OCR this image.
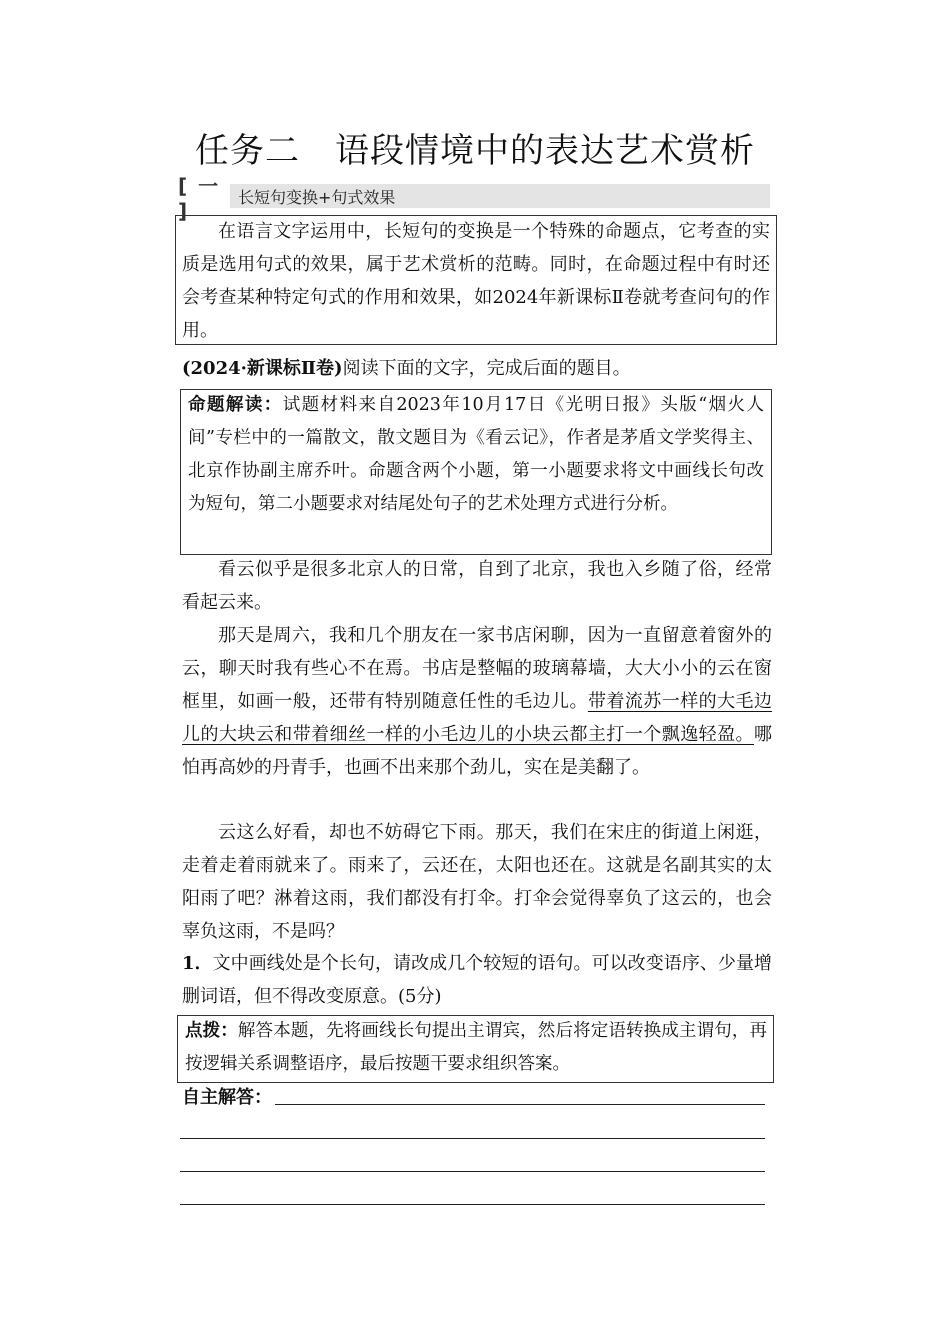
任务二　语段情境中的表达艺术赏析
[ 一 ]
长短句变换+句式效果

在语言文字运用中，长短句的变换是一个特殊的命题点，它考查的实质是选用句式的效果，属于艺术赏析的范畴。同时，在命题过程中有时还会考查某种特定句式的作用和效果，如2024年新课标Ⅱ卷就考查问句的作用。

(2024·新课标Ⅱ卷)阅读下面的文字，完成后面的题目。

命题解读：试题材料来自2023年10月17日《光明日报》头版“烟火人间”专栏中的一篇散文，散文题目为《看云记》，作者是茅盾文学奖得主、北京作协副主席乔叶。命题含两个小题，第一小题要求将文中画线长句改为短句，第二小题要求对结尾处句子的艺术处理方式进行分析。

看云似乎是很多北京人的日常，自到了北京，我也入乡随了俗，经常看起云来。

那天是周六，我和几个朋友在一家书店闲聊，因为一直留意着窗外的云，聊天时我有些心不在焉。书店是整幅的玻璃幕墙，大大小小的云在窗框里，如画一般，还带有特别随意任性的毛边儿。带着流苏一样的大毛边儿的大块云和带着细丝一样的小毛边儿的小块云都主打一个飘逸轻盈。哪怕再高妙的丹青手，也画不出来那个劲儿，实在是美翻了。

云这么好看，却也不妨碍它下雨。那天，我们在宋庄的街道上闲逛，走着走着雨就来了。雨来了，云还在，太阳也还在。这就是名副其实的太阳雨了吧？淋着这雨，我们都没有打伞。打伞会觉得辜负了这云的，也会辜负这雨，不是吗？

1．文中画线处是个长句，请改成几个较短的语句。可以改变语序、少量增删词语，但不得改变原意。(5分)

点拨：解答本题，先将画线长句提出主谓宾，然后将定语转换成主谓句，再按逻辑关系调整语序，最后按题干要求组织答案。

自主解答：
